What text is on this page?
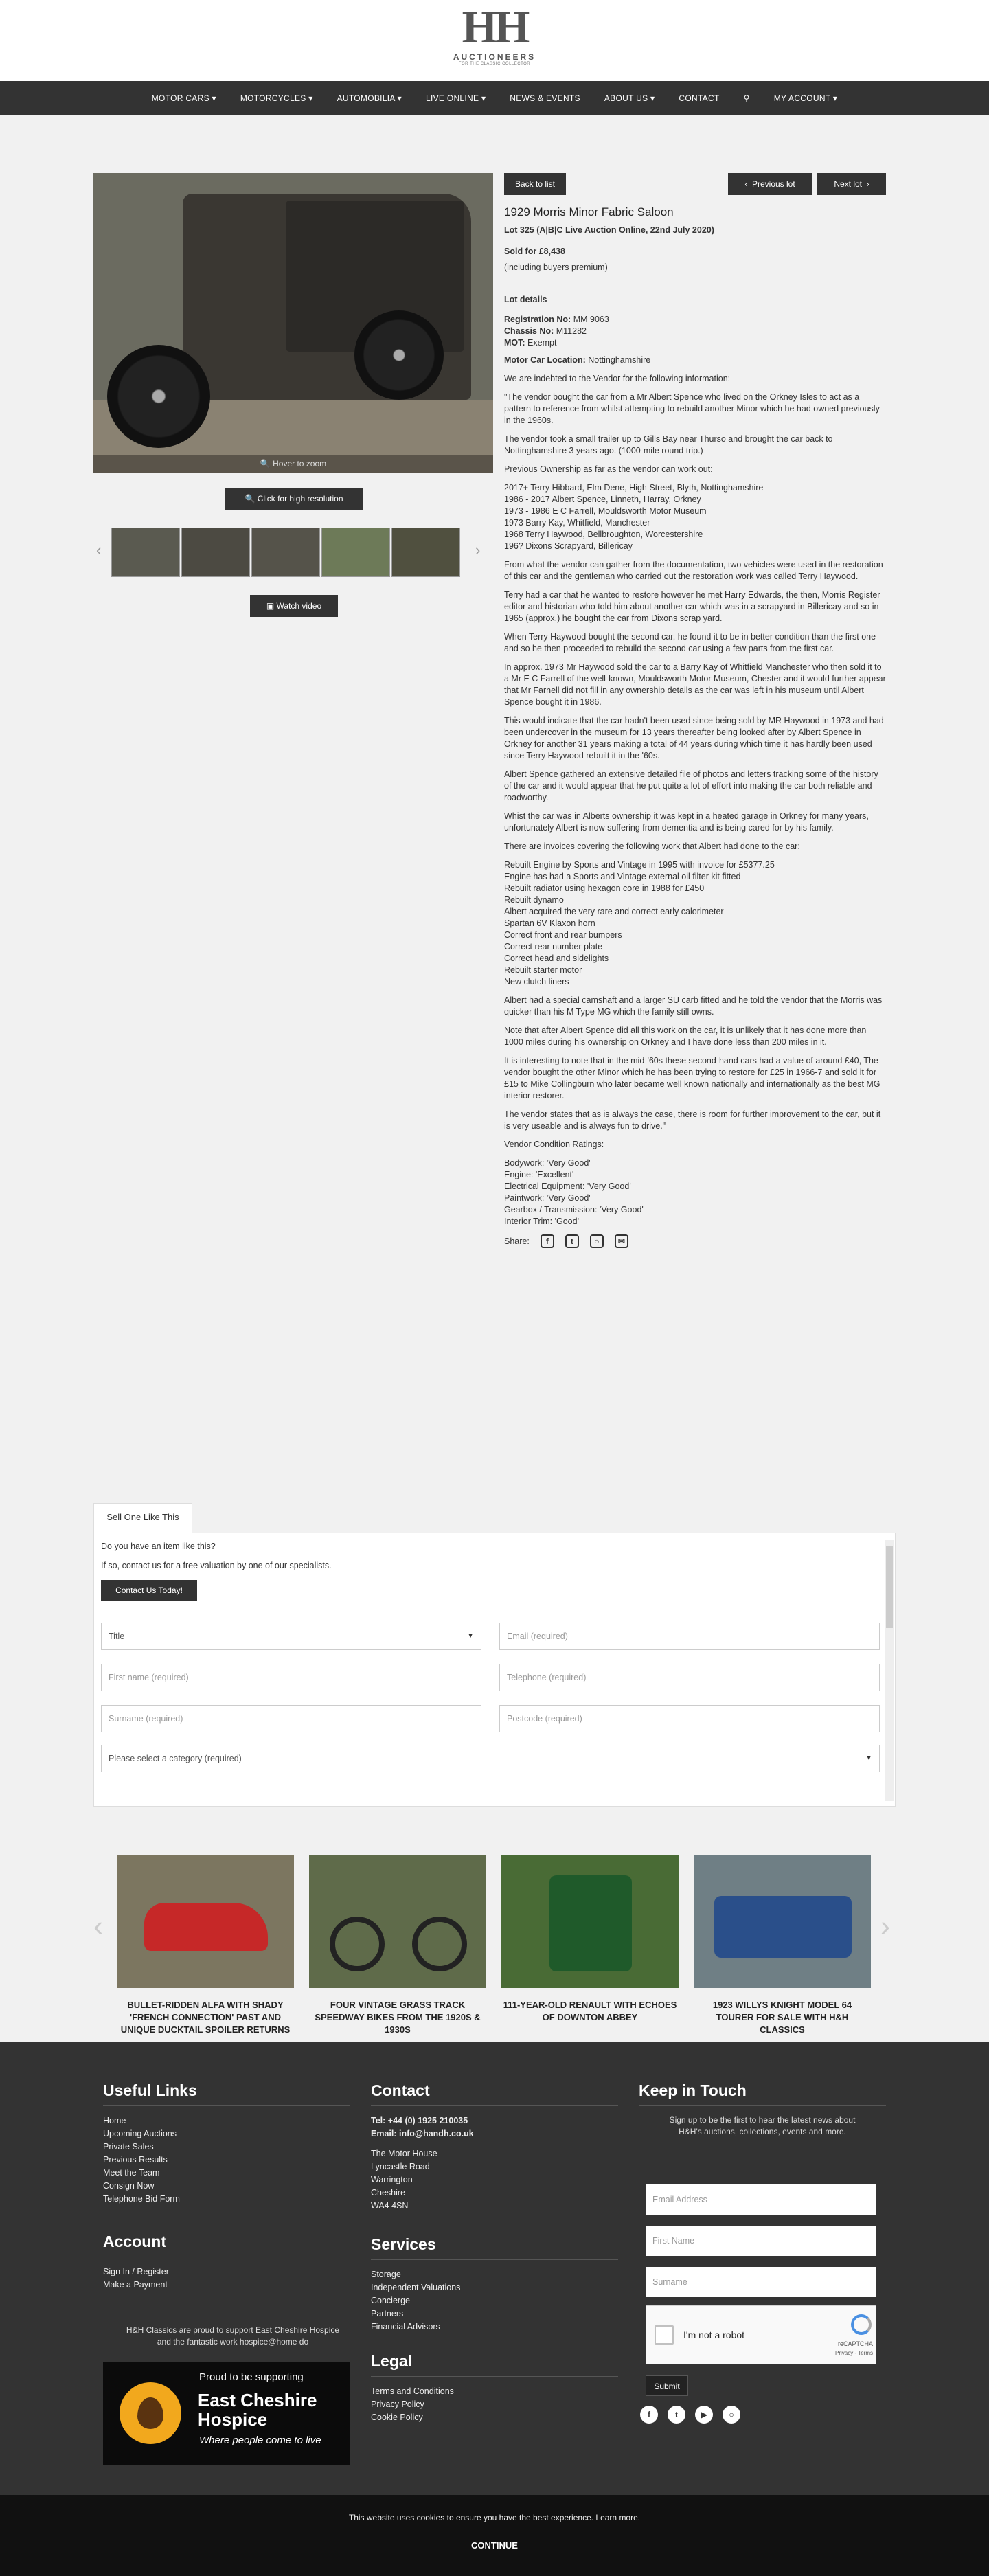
HH
AUCTIONEERS
FOR THE CLASSIC COLLECTOR
MOTOR CARS ▾	MOTORCYCLES ▾	AUTOMOBILIA ▾	LIVE ONLINE ▾	NEWS & EVENTS	ABOUT US ▾	CONTACT	⚲	MY ACCOUNT ▾
🔍 Hover to zoom
🔍 Click for high resolution
‹	›
▣ Watch video
Back to list	‹  Previous lot	Next lot  ›
1929 Morris Minor Fabric Saloon
Lot 325 (A|B|C Live Auction Online, 22nd July 2020)
Sold for £8,438
(including buyers premium)
Lot details
Registration No: MM 9063
Chassis No: M11282
MOT: Exempt
Motor Car Location: Nottinghamshire

We are indebted to the Vendor for the following information:

"The vendor bought the car from a Mr Albert Spence who lived on the Orkney Isles to act as a pattern to reference from whilst attempting to rebuild another Minor which he had owned previously in the 1960s.

The vendor took a small trailer up to Gills Bay near Thurso and brought the car back to Nottinghamshire 3 years ago. (1000-mile round trip.)

Previous Ownership as far as the vendor can work out:

2017+ Terry Hibbard, Elm Dene, High Street, Blyth, Nottinghamshire
1986 - 2017 Albert Spence, Linneth, Harray, Orkney
1973 - 1986 E C Farrell, Mouldsworth Motor Museum
1973 Barry Kay, Whitfield, Manchester
1968 Terry Haywood, Bellbroughton, Worcestershire
196? Dixons Scrapyard, Billericay

From what the vendor can gather from the documentation, two vehicles were used in the restoration of this car and the gentleman who carried out the restoration work was called Terry Haywood.

Terry had a car that he wanted to restore however he met Harry Edwards, the then, Morris Register editor and historian who told him about another car which was in a scrapyard in Billericay and so in 1965 (approx.) he bought the car from Dixons scrap yard.

When Terry Haywood bought the second car, he found it to be in better condition than the first one and so he then proceeded to rebuild the second car using a few parts from the first car.

In approx. 1973 Mr Haywood sold the car to a Barry Kay of Whitfield Manchester who then sold it to a Mr E C Farrell of the well-known, Mouldsworth Motor Museum, Chester and it would further appear that Mr Farnell did not fill in any ownership details as the car was left in his museum until Albert Spence bought it in 1986.

This would indicate that the car hadn't been used since being sold by MR Haywood in 1973 and had been undercover in the museum for 13 years thereafter being looked after by Albert Spence in Orkney for another 31 years making a total of 44 years during which time it has hardly been used since Terry Haywood rebuilt it in the '60s.

Albert Spence gathered an extensive detailed file of photos and letters tracking some of the history of the car and it would appear that he put quite a lot of effort into making the car both reliable and roadworthy.

Whist the car was in Alberts ownership it was kept in a heated garage in Orkney for many years, unfortunately Albert is now suffering from dementia and is being cared for by his family.

There are invoices covering the following work that Albert had done to the car:

Rebuilt Engine by Sports and Vintage in 1995 with invoice for £5377.25
Engine has had a Sports and Vintage external oil filter kit fitted
Rebuilt radiator using hexagon core in 1988 for £450
Rebuilt dynamo
Albert acquired the very rare and correct early calorimeter
Spartan 6V Klaxon horn
Correct front and rear bumpers
Correct rear number plate
Correct head and sidelights
Rebuilt starter motor
New clutch liners

Albert had a special camshaft and a larger SU carb fitted and he told the vendor that the Morris was quicker than his M Type MG which the family still owns.

Note that after Albert Spence did all this work on the car, it is unlikely that it has done more than 1000 miles during his ownership on Orkney and I have done less than 200 miles in it.

It is interesting to note that in the mid-'60s these second-hand cars had a value of around £40, The vendor bought the other Minor which he has been trying to restore for £25 in 1966-7 and sold it for £15 to Mike Collingburn who later became well known nationally and internationally as the best MG interior restorer.

The vendor states that as is always the case, there is room for further improvement to the car, but it is very useable and is always fun to drive."

Vendor Condition Ratings:

Bodywork: 'Very Good'
Engine: 'Excellent'
Electrical Equipment: 'Very Good'
Paintwork: 'Very Good'
Gearbox / Transmission: 'Very Good'
Interior Trim: 'Good'

Share:	f	t	○	✉
Do you have an item like this?
If so, contact us for a free valuation by one of our specialists.
Contact Us Today!
Title	▼	Email (required)
First name (required)	Telephone (required)
Surname (required)	Postcode (required)
Please select a category (required)	▼
Sell One Like This
‹
BULLET-RIDDEN ALFA WITH SHADY 'FRENCH CONNECTION' PAST AND UNIQUE DUCKTAIL SPOILER RETURNS
FOUR VINTAGE GRASS TRACK SPEEDWAY BIKES FROM THE 1920S & 1930S
111-YEAR-OLD RENAULT WITH ECHOES OF DOWNTON ABBEY
1923 WILLYS KNIGHT MODEL 64 TOURER FOR SALE WITH H&H CLASSICS
›
Useful Links
Home
Upcoming Auctions
Private Sales
Previous Results
Meet the Team
Consign Now
Telephone Bid Form
Account
Sign In / Register
Make a Payment
H&H Classics are proud to support East Cheshire Hospice and the fantastic work hospice@home do
Proud to be supporting
East Cheshire Hospice
Where people come to live
Contact
Tel: +44 (0) 1925 210035
Email: info@handh.co.uk
The Motor House
Lyncastle Road
Warrington
Cheshire
WA4 4SN
Services
Storage
Independent Valuations
Concierge
Partners
Financial Advisors
Legal
Terms and Conditions
Privacy Policy
Cookie Policy
Keep in Touch
Sign up to be the first to hear the latest news about H&H's auctions, collections, events and more.
Email Address
First Name
Surname
I'm not a robot
reCAPTCHA
Privacy - Terms
Submit
f	t	▶	○
This website uses cookies to ensure you have the best experience. Learn more.
CONTINUE
